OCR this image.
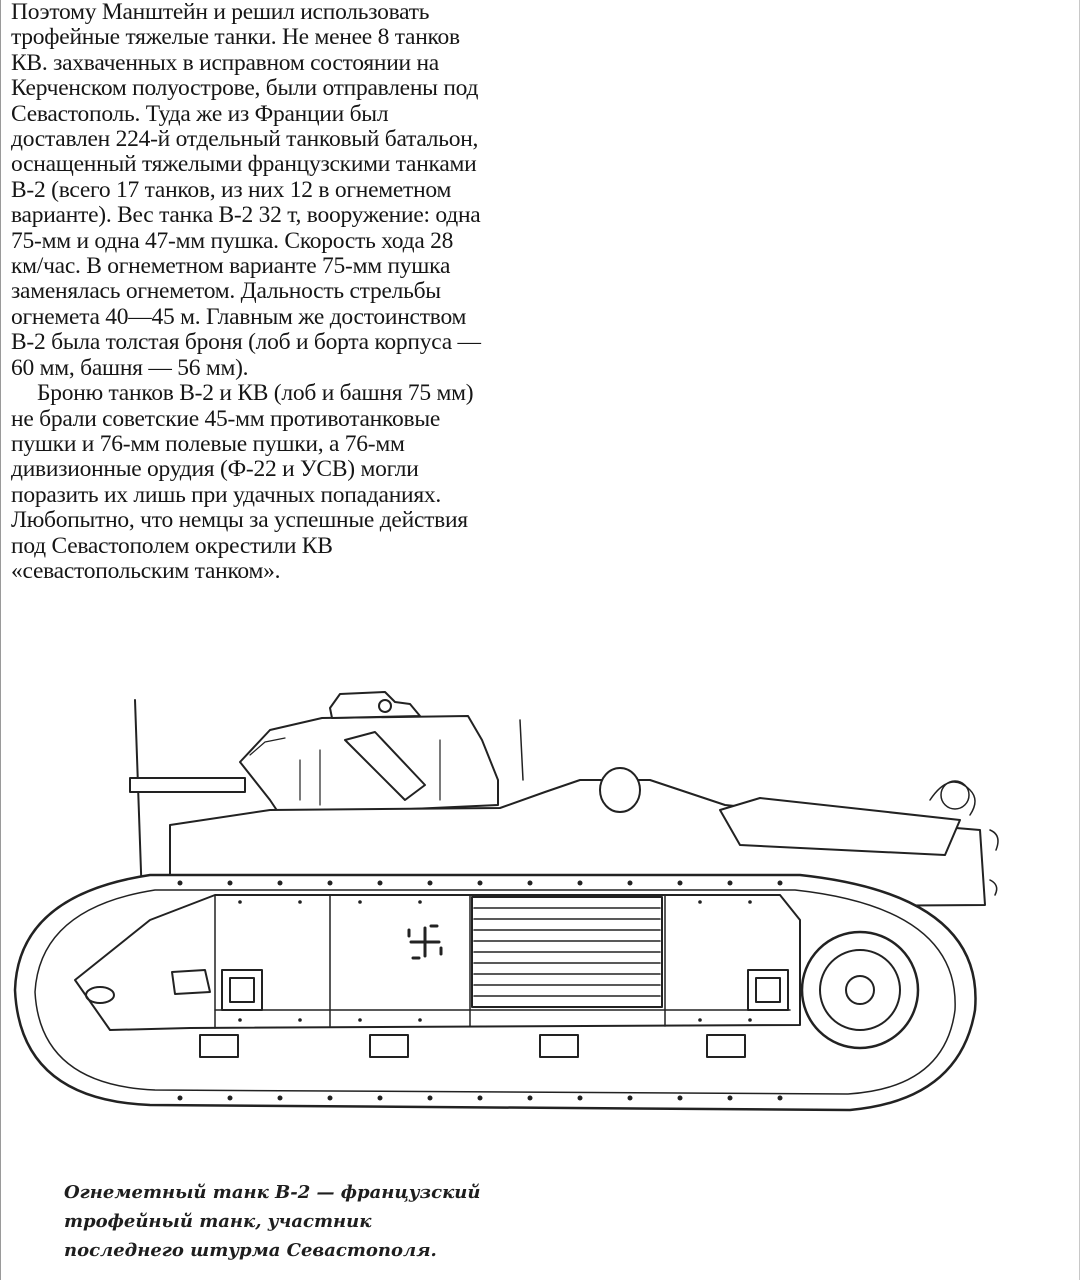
Поэтому Манштейн и решил использовать трофейные тяжелые танки. Не менее 8 танков КВ. захваченных в исправном состоянии на Керченском полуострове, были отправлены под Севастополь. Туда же из Франции был доставлен 224-й отдельный танковый батальон, оснащенный тяжелыми французскими танками В-2 (всего 17 танков, из них 12 в огнеметном варианте). Вес танка В-2 32 т, вооружение: одна 75-мм и одна 47-мм пушка. Скорость хода 28 км/час. В огнеметном варианте 75-мм пушка заменялась огнеметом. Дальность стрельбы огнемета 40—45 м. Главным же достоинством В-2 была толстая броня (лоб и борта корпуса — 60 мм, башня — 56 мм).

Броню танков В-2 и КВ (лоб и башня 75 мм) не брали советские 45-мм противотанковые пушки и 76-мм полевые пушки, а 76-мм дивизионные орудия (Ф-22 и УСВ) могли поразить их лишь при удачных попаданиях. Любопытно, что немцы за успешные действия под Севастополем окрестили КВ «севастопольским танком».

Огнеметный танк В-2 — французский трофейный танк, участник последнего штурма Севастополя.
